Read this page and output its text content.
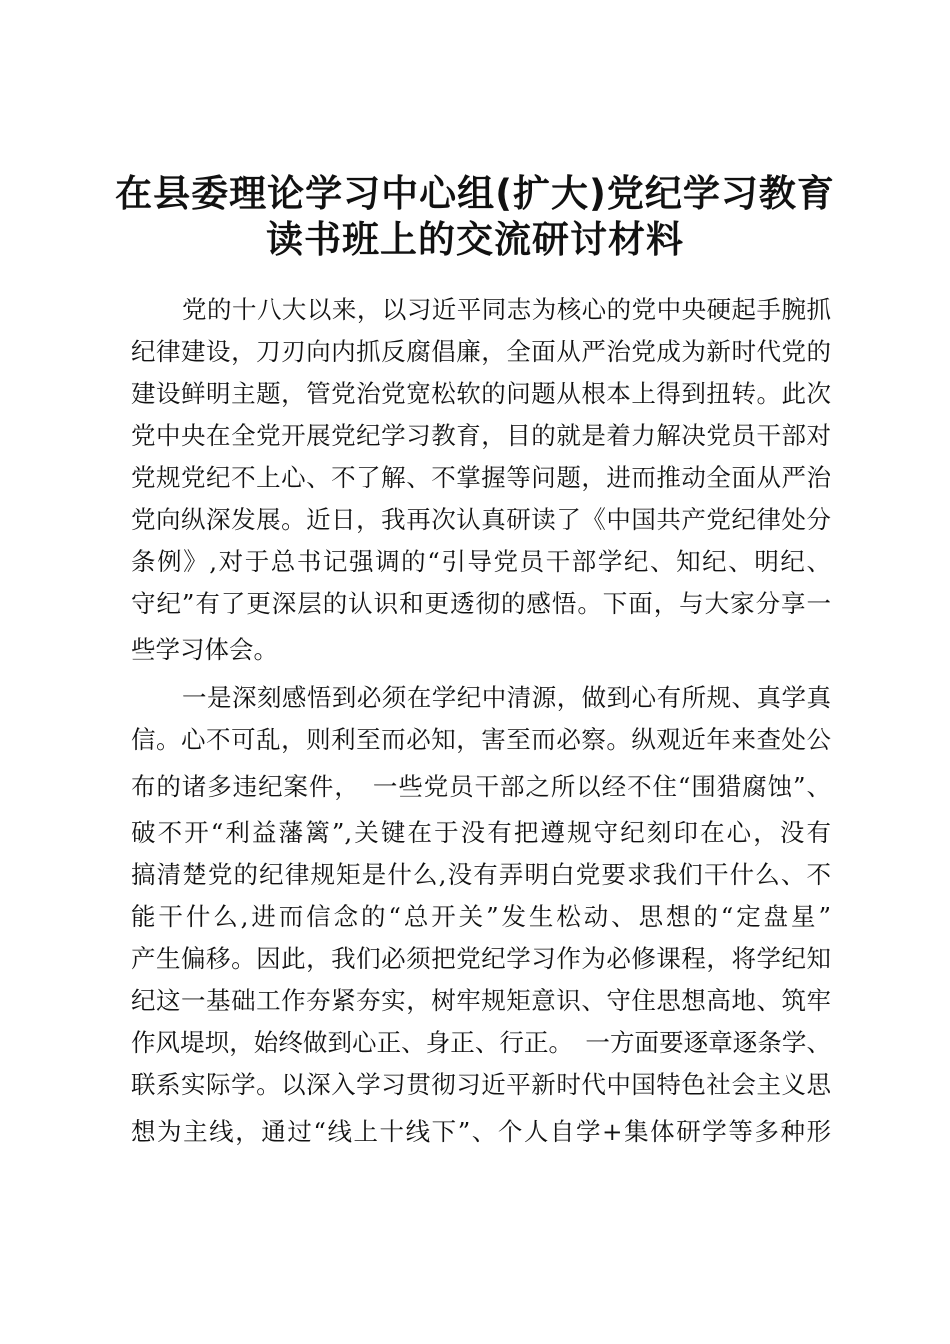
在县委理论学习中心组(扩大)党纪学习教育
读书班上的交流研讨材料
党的十八大以来，以习近平同志为核心的党中央硬起手腕抓
纪律建设，刀刃向内抓反腐倡廉，全面从严治党成为新时代党的
建设鲜明主题，管党治党宽松软的问题从根本上得到扭转。此次
党中央在全党开展党纪学习教育，目的就是着力解决党员干部对
党规党纪不上心、不了解、不掌握等问题，进而推动全面从严治
党向纵深发展。近日，我再次认真研读了《中国共产党纪律处分
条例》,对于总书记强调的“引导党员干部学纪、知纪、明纪、
守纪”有了更深层的认识和更透彻的感悟。下面，与大家分享一
些学习体会。
一是深刻感悟到必须在学纪中清源，做到心有所规、真学真
信。心不可乱，则利至而必知，害至而必察。纵观近年来查处公
布的诸多违纪案件，　一些党员干部之所以经不住“围猎腐蚀”、
破不开“利益藩篱”,关键在于没有把遵规守纪刻印在心，没有
搞清楚党的纪律规矩是什么,没有弄明白党要求我们干什么、不
能干什么,进而信念的“总开关”发生松动、思想的“定盘星”
产生偏移。因此，我们必须把党纪学习作为必修课程，将学纪知
纪这一基础工作夯紧夯实，树牢规矩意识、守住思想高地、筑牢
作风堤坝，始终做到心正、身正、行正。　一方面要逐章逐条学、
联系实际学。以深入学习贯彻习近平新时代中国特色社会主义思
想为主线，通过“线上十线下”、个人自学+集体研学等多种形
